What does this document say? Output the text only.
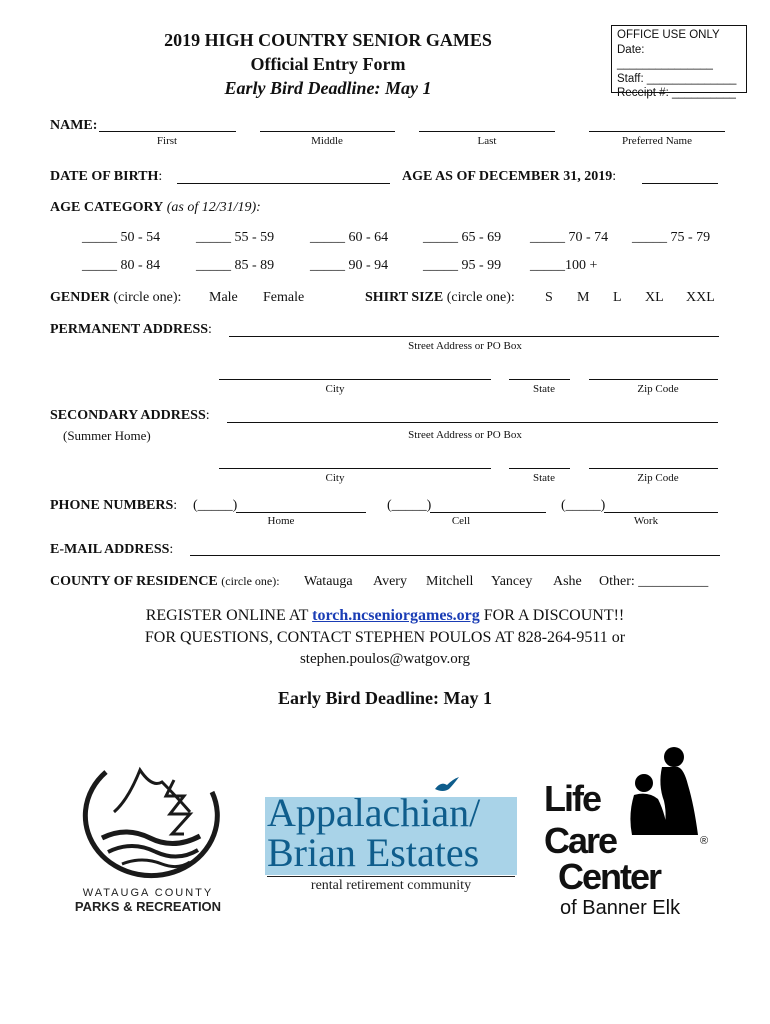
2019 HIGH COUNTRY SENIOR GAMES
Official Entry Form
Early Bird Deadline: May 1
OFFICE USE ONLY
Date: _______________
Staff: ______________
Receipt #: __________
NAME:
First	Middle	Last	Preferred Name
DATE OF BIRTH:	AGE AS OF DECEMBER 31, 2019:
AGE CATEGORY (as of 12/31/19):
_____ 50 - 54	_____ 55 - 59	_____ 60 - 64 _____ 65 - 69 _____ 70 - 74 _____ 75 - 79
_____ 80 - 84	_____ 85 - 89	_____ 90 - 94 _____ 95 - 99 _____100 +
GENDER (circle one): Male Female	SHIRT SIZE (circle one): S M L XL XXL
PERMANENT ADDRESS:
Street Address or PO Box
City	State	Zip Code
SECONDARY ADDRESS:
(Summer Home)	Street Address or PO Box
City	State	Zip Code
PHONE NUMBERS: (_____)	(_____)	(_____)
Home	Cell	Work
E-MAIL ADDRESS:
COUNTY OF RESIDENCE (circle one): Watauga Avery Mitchell Yancey Ashe Other: __________
REGISTER ONLINE AT torch.ncseniorgames.org FOR A DISCOUNT!!
FOR QUESTIONS, CONTACT STEPHEN POULOS AT 828-264-9511 or
stephen.poulos@watgov.org
Early Bird Deadline: May 1
WATAUGA COUNTY
PARKS & RECREATION
Appalachian/
Brian Estates
rental retirement community
Life
Care
Center
®
of Banner Elk
